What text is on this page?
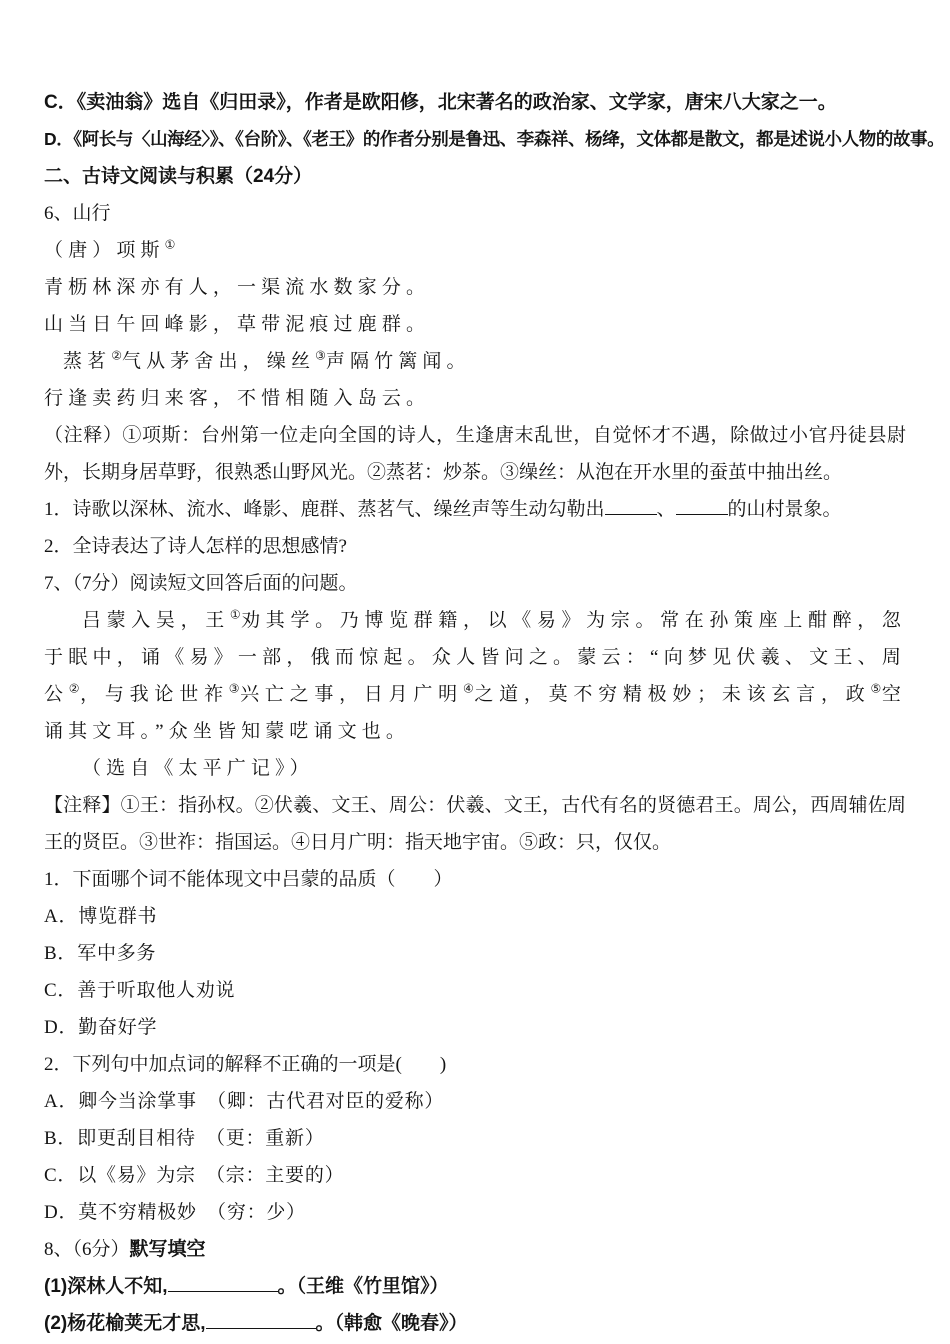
C．《卖油翁》选自《归田录》，作者是欧阳修，北宋著名的政治家、文学家，唐宋八大家之一。
D．《阿长与〈山海经〉》、《台阶》、《老王》的作者分别是鲁迅、李森祥、杨绛，文体都是散文，都是述说小人物的故事。
二、古诗文阅读与积累（24分）
6、山行
（唐）项斯①
青枥林深亦有人，一渠流水数家分。
山当日午回峰影，草带泥痕过鹿群。
蒸茗②气从茅舍出，缲丝③声隔竹篱闻。
行逢卖药归来客，不惜相随入岛云。

（注释）①项斯：台州第一位走向全国的诗人，生逢唐末乱世，自觉怀才不遇，除做过小官丹徒县尉外，长期身居草野，很熟悉山野风光。②蒸茗：炒茶。③缲丝：从泡在开水里的蚕茧中抽出丝。

1．诗歌以深林、流水、峰影、鹿群、蒸茗气、缲丝声等生动勾勒出	、	的山村景象。
2．全诗表达了诗人怎样的思想感情?
7、（7分）阅读短文回答后面的问题。

吕蒙入吴，王①劝其学。乃博览群籍，以《易》为宗。常在孙策座上酣醉，忽于眠中，诵《易》一部，俄而惊起。众人皆问之。蒙云：“向梦见伏羲、文王、周公②，与我论世祚③兴亡之事，日月广明④之道，莫不穷精极妙；未该玄言，政⑤空诵其文耳。”众坐皆知蒙呓诵文也。

（选自《太平广记》）

【注释】①王：指孙权。②伏羲、文王、周公：伏羲、文王，古代有名的贤德君王。周公，西周辅佐周王的贤臣。③世祚：指国运。④日月广明：指天地宇宙。⑤政：只，仅仅。

1．下面哪个词不能体现文中吕蒙的品质（　　）
A．博览群书
B．军中多务
C．善于听取他人劝说
D．勤奋好学
2．下列句中加点词的解释不正确的一项是(　　)
A．卿今当涂掌事　（卿：古代君对臣的爱称）
B．即更刮目相待　（更：重新）
C．以《易》为宗　（宗：主要的）
D．莫不穷精极妙　（穷：少）
8、（6分）默写填空
(1)深林人不知,	。（王维《竹里馆》）
(2)杨花榆荚无才思,	。（韩愈《晚春》）
